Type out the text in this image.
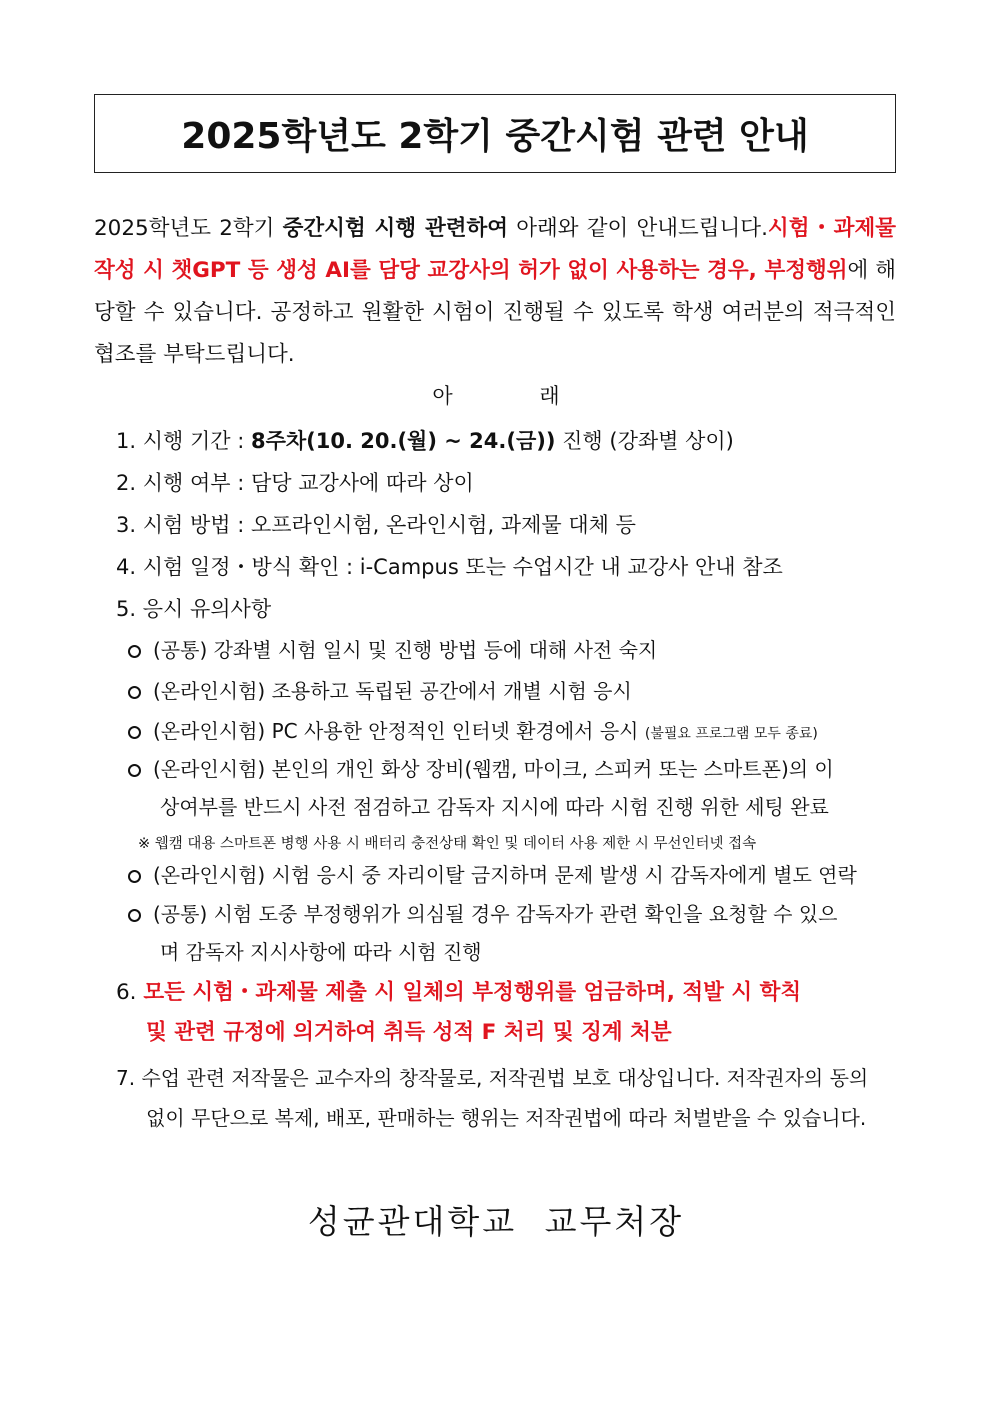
2025학년도 2학기 중간시험 관련 안내
2025학년도 2학기 중간시험 시행 관련하여 아래와 같이 안내드립니다.시험・과제물 작성 시 챗GPT 등 생성 AI를 담당 교강사의 허가 없이 사용하는 경우, 부정행위에 해당할 수 있습니다. 공정하고 원활한 시험이 진행될 수 있도록 학생 여러분의 적극적인 협조를 부탁드립니다.
아 래
1. 시행 기간 : 8주차(10. 20.(월) ~ 24.(금)) 진행 (강좌별 상이)
2. 시행 여부 : 담당 교강사에 따라 상이
3. 시험 방법 : 오프라인시험, 온라인시험, 과제물 대체 등
4. 시험 일정・방식 확인 : i-Campus 또는 수업시간 내 교강사 안내 참조
5. 응시 유의사항
(공통) 강좌별 시험 일시 및 진행 방법 등에 대해 사전 숙지
(온라인시험) 조용하고 독립된 공간에서 개별 시험 응시
(온라인시험) PC 사용한 안정적인 인터넷 환경에서 응시 (불필요 프로그램 모두 종료)
(온라인시험) 본인의 개인 화상 장비(웹캠, 마이크, 스피커 또는 스마트폰)의 이
상여부를 반드시 사전 점검하고 감독자 지시에 따라 시험 진행 위한 세팅 완료
※ 웹캠 대용 스마트폰 병행 사용 시 배터리 충전상태 확인 및 데이터 사용 제한 시 무선인터넷 접속
(온라인시험) 시험 응시 중 자리이탈 금지하며 문제 발생 시 감독자에게 별도 연락
(공통) 시험 도중 부정행위가 의심될 경우 감독자가 관련 확인을 요청할 수 있으
며 감독자 지시사항에 따라 시험 진행
6. 모든 시험・과제물 제출 시 일체의 부정행위를 엄금하며, 적발 시 학칙
및 관련 규정에 의거하여 취득 성적 F 처리 및 징계 처분
7. 수업 관련 저작물은 교수자의 창작물로, 저작권법 보호 대상입니다. 저작권자의 동의
없이 무단으로 복제, 배포, 판매하는 행위는 저작권법에 따라 처벌받을 수 있습니다.
성균관대학교 교무처장
